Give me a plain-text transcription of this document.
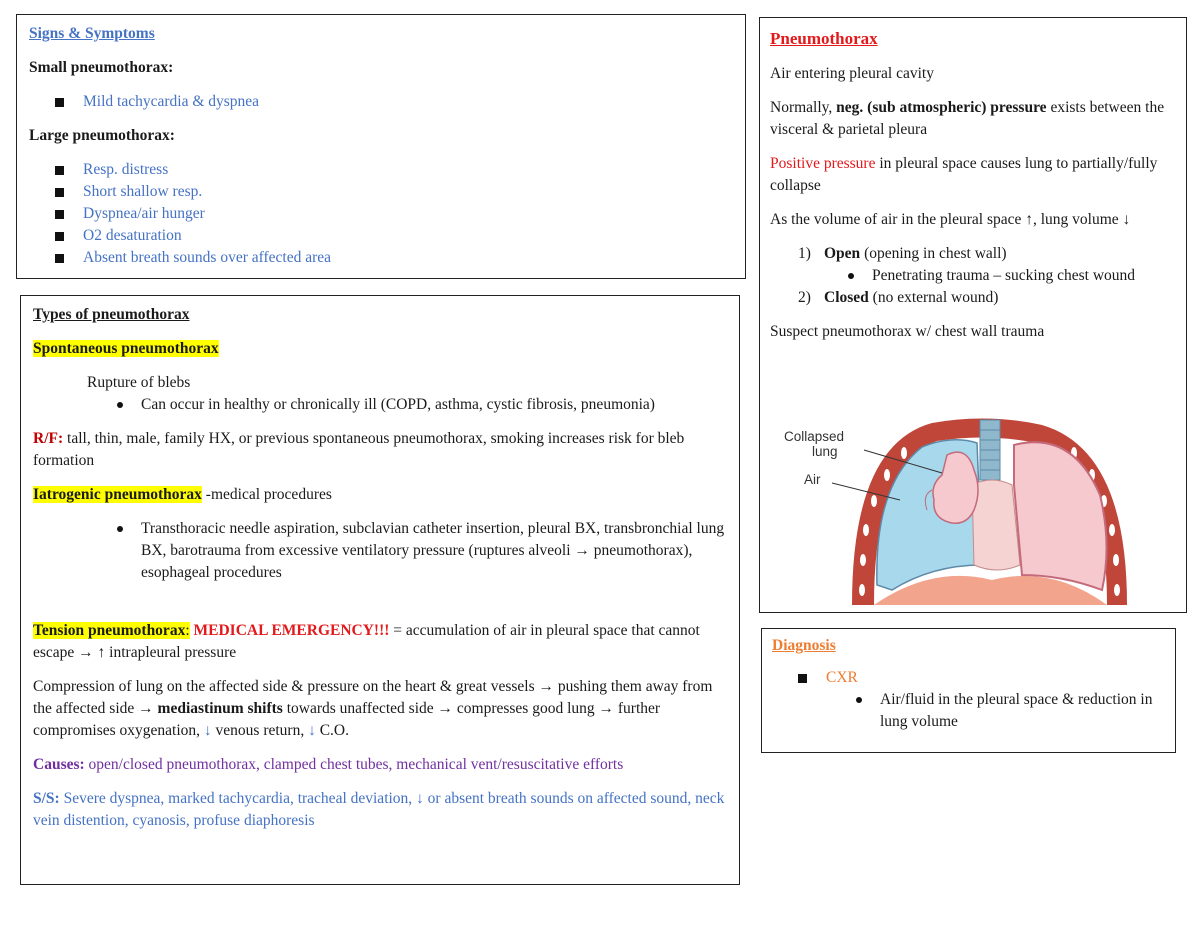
Signs & Symptoms

Small pneumothorax:

Mild tachycardia & dyspnea

Large pneumothorax:

Resp. distress
Short shallow resp.
Dyspnea/air hunger
O2 desaturation
Absent breath sounds over affected area

Types of pneumothorax

Spontaneous pneumothorax

Rupture of blebs

Can occur in healthy or chronically ill (COPD, asthma, cystic fibrosis, pneumonia)

R/F: tall, thin, male, family HX, or previous spontaneous pneumothorax, smoking increases risk for bleb formation

Iatrogenic pneumothorax -medical procedures

Transthoracic needle aspiration, subclavian catheter insertion, pleural BX, transbronchial lung BX, barotrauma from excessive ventilatory pressure (ruptures alveoli → pneumothorax), esophageal procedures

Tension pneumothorax: MEDICAL EMERGENCY!!! = accumulation of air in pleural space that cannot escape → ↑ intrapleural pressure

Compression of lung on the affected side & pressure on the heart & great vessels → pushing them away from the affected side → mediastinum shifts towards unaffected side → compresses good lung → further compromises oxygenation, ↓ venous return, ↓ C.O.

Causes: open/closed pneumothorax, clamped chest tubes, mechanical vent/resuscitative efforts

S/S: Severe dyspnea, marked tachycardia, tracheal deviation, ↓ or absent breath sounds on affected sound, neck vein distention, cyanosis, profuse diaphoresis

Pneumothorax

Air entering pleural cavity

Normally, neg. (sub atmospheric) pressure exists between the visceral & parietal pleura

Positive pressure in pleural space causes lung to partially/fully collapse

As the volume of air in the pleural space ↑, lung volume ↓

1) Open (opening in chest wall)
Penetrating trauma – sucking chest wound
2) Closed (no external wound)

Suspect pneumothorax w/ chest wall trauma

Collapsed
lung
Air

Diagnosis

CXR
Air/fluid in the pleural space & reduction in lung volume
